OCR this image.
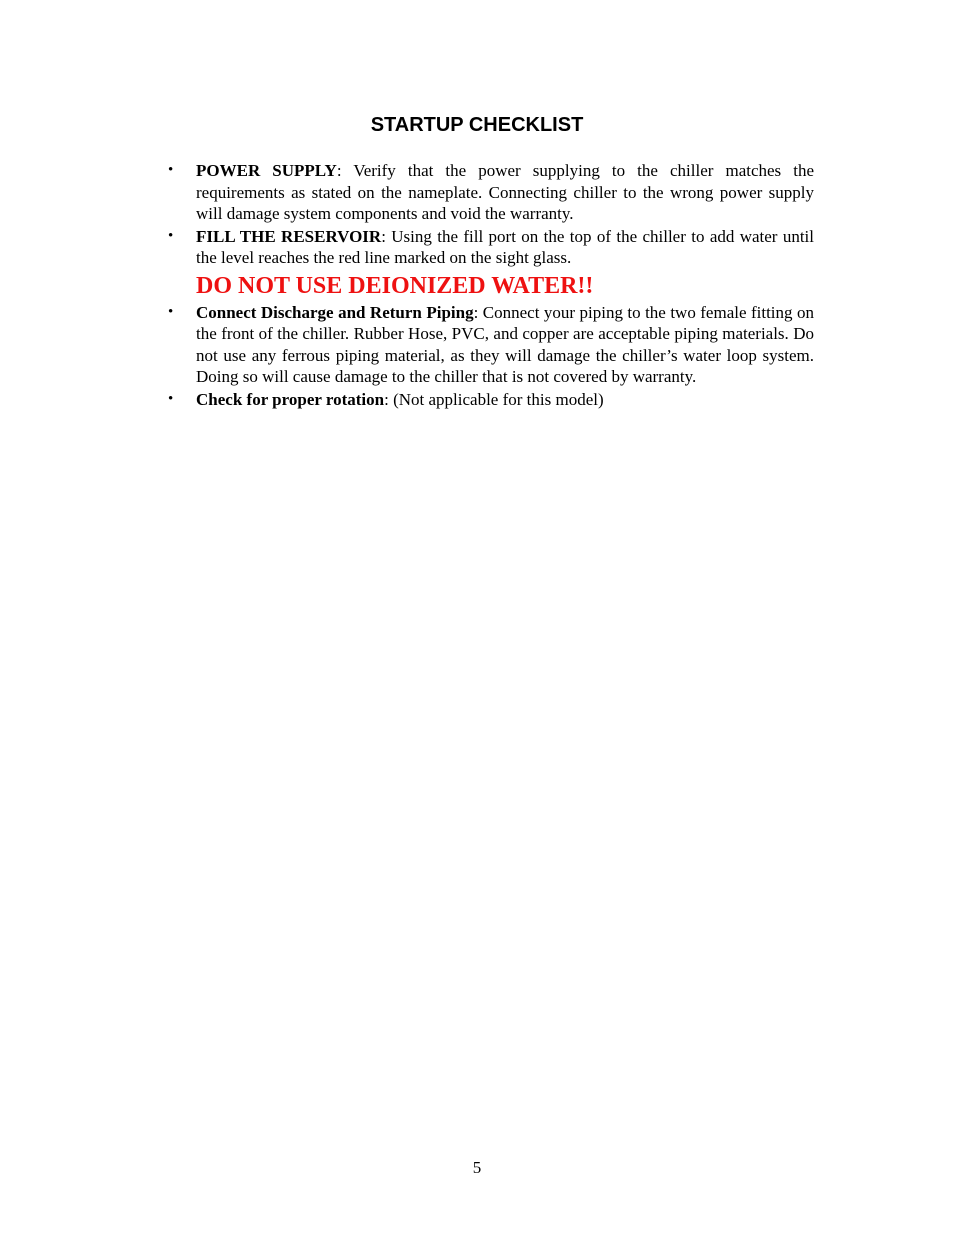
STARTUP CHECKLIST
• POWER SUPPLY: Verify that the power supplying to the chiller matches the requirements as stated on the nameplate. Connecting chiller to the wrong power supply will damage system components and void the warranty.
• FILL THE RESERVOIR: Using the fill port on the top of the chiller to add water until the level reaches the red line marked on the sight glass.
DO NOT USE DEIONIZED WATER!!
• Connect Discharge and Return Piping: Connect your piping to the two female fitting on the front of the chiller. Rubber Hose, PVC, and copper are acceptable piping materials. Do not use any ferrous piping material, as they will damage the chiller’s water loop system. Doing so will cause damage to the chiller that is not covered by warranty.
• Check for proper rotation: (Not applicable for this model)
5
